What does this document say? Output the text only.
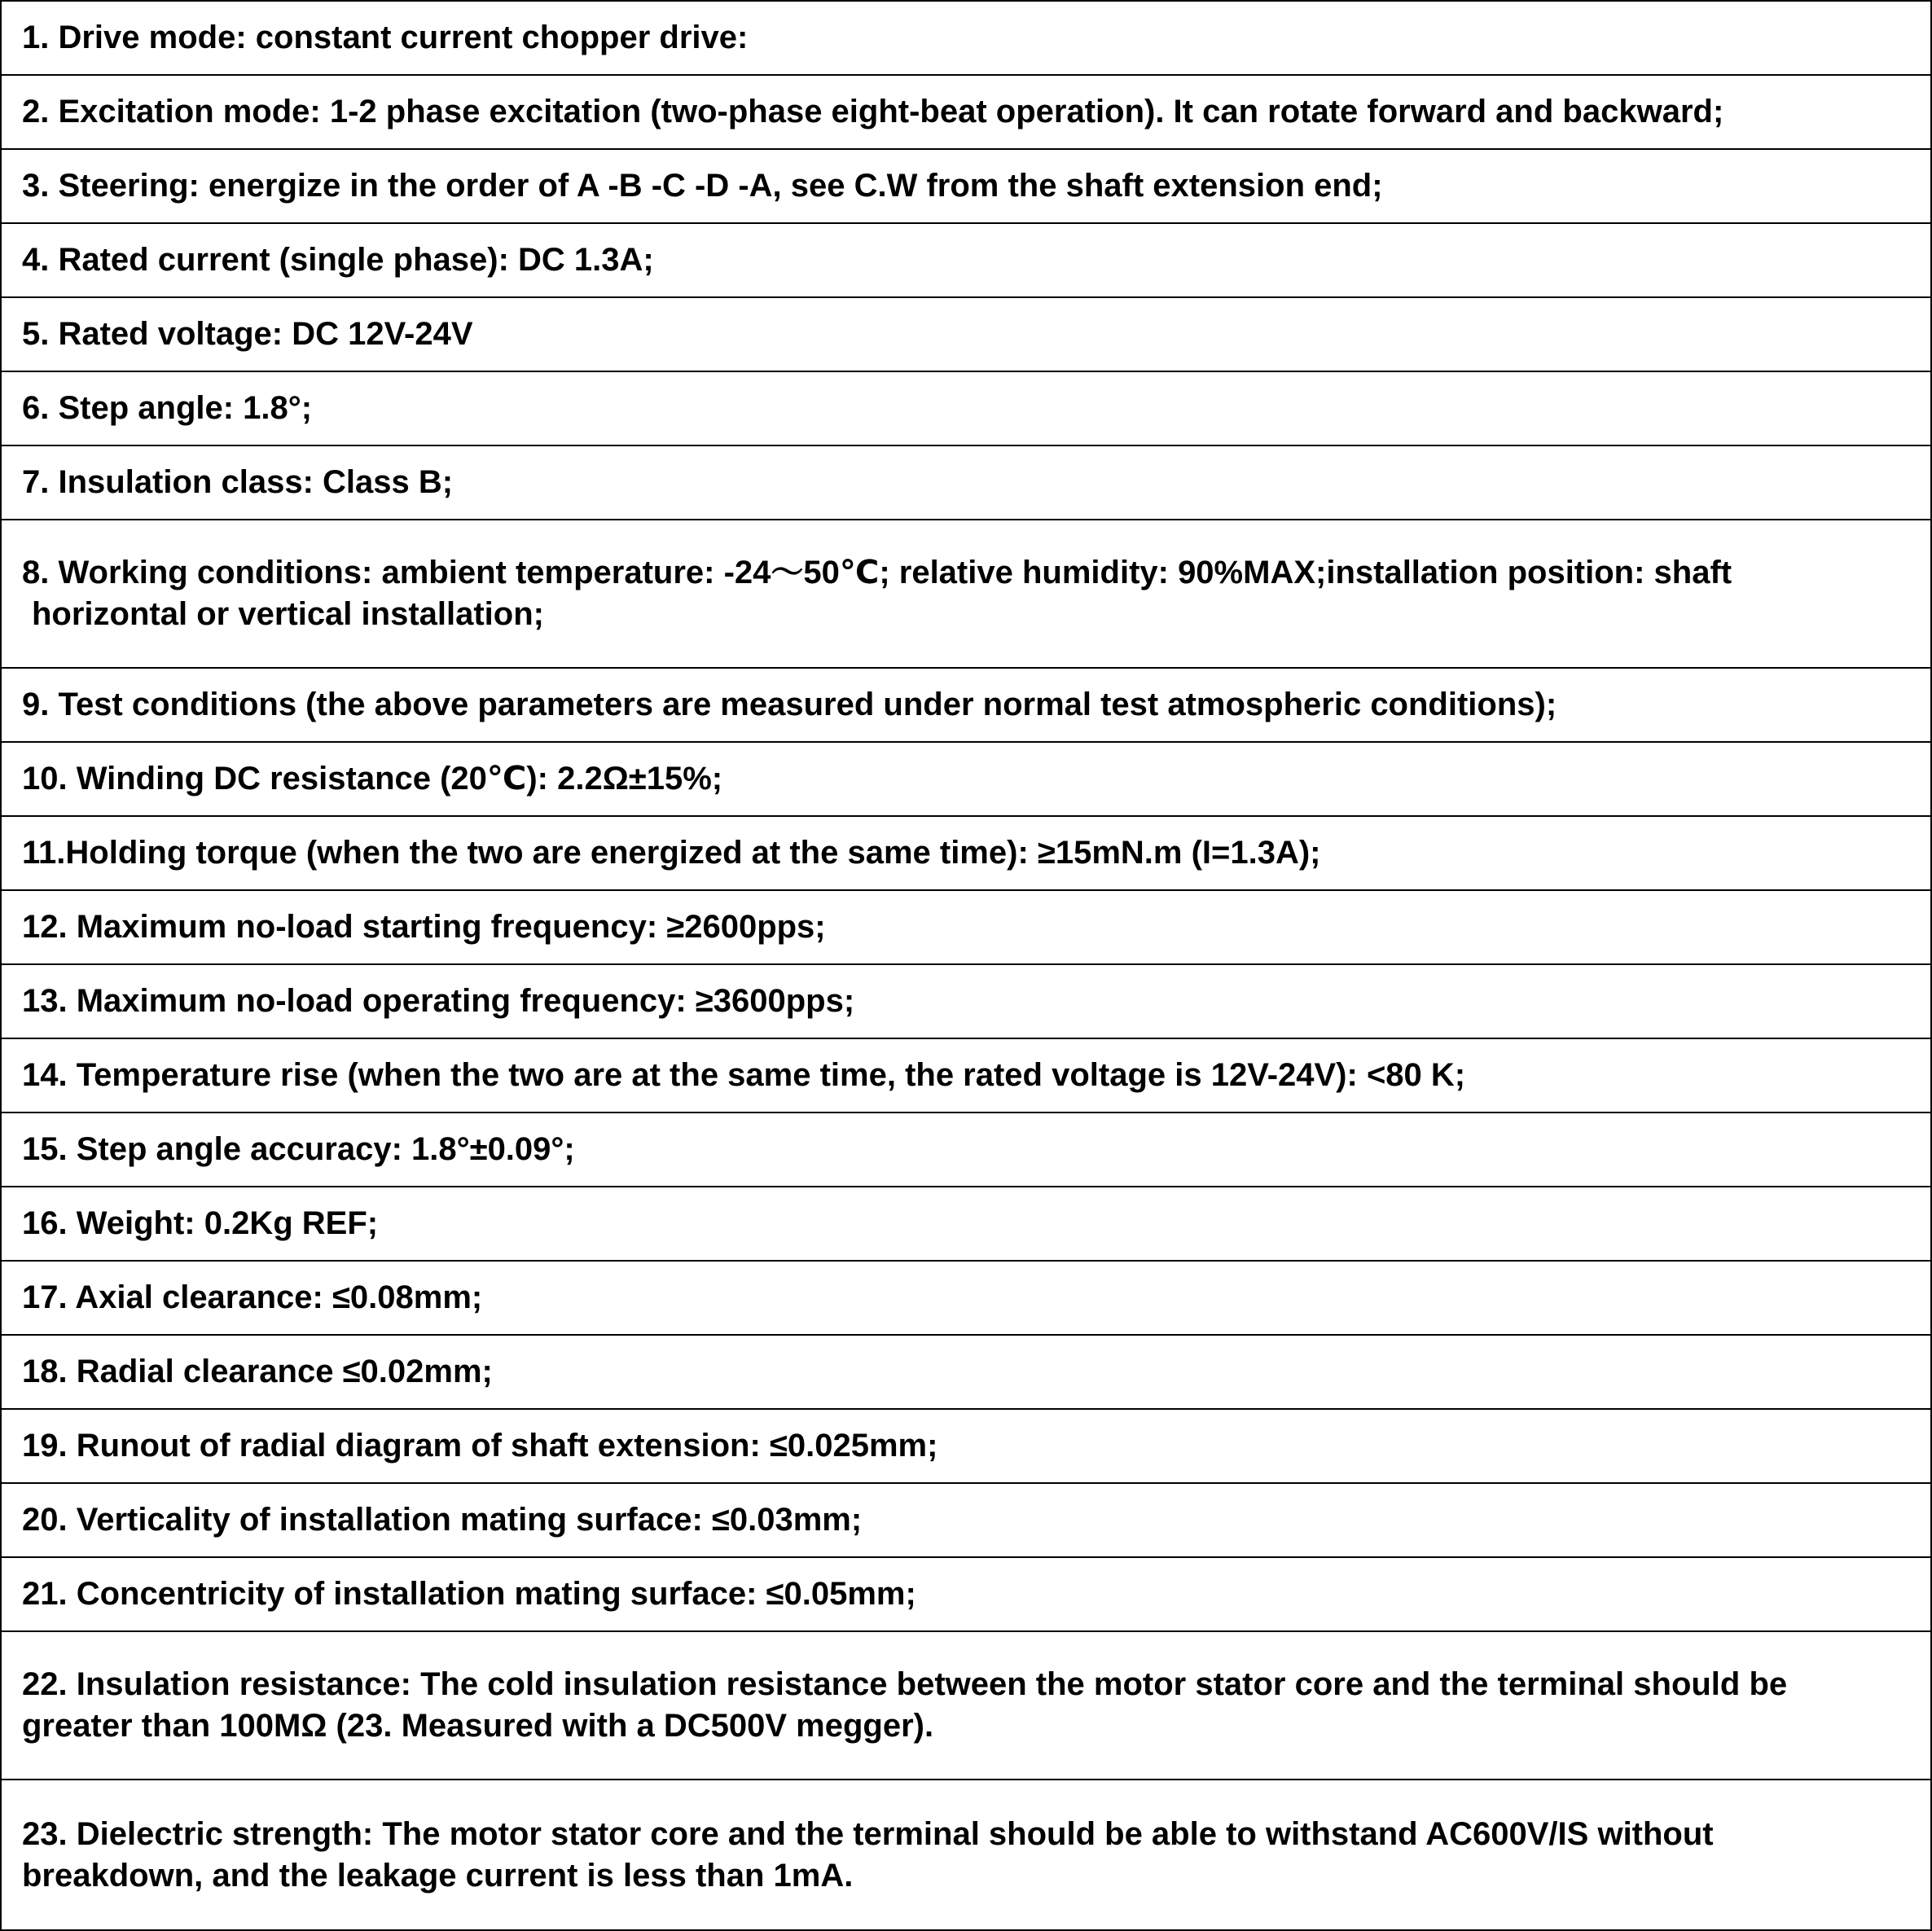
1. Drive mode: constant current chopper drive:
2. Excitation mode: 1-2 phase excitation (two-phase eight-beat operation). It can rotate forward and backward;
3. Steering: energize in the order of A -B -C -D -A, see C.W from the shaft extension end;
4. Rated current (single phase): DC 1.3A;
5. Rated voltage: DC 12V-24V
6. Step angle: 1.8°;
7. Insulation class: Class B;

8. Working conditions: ambient temperature: -24～50℃; relative humidity: 90%MAX;installation position: shaft
horizontal or vertical installation;

9. Test conditions (the above parameters are measured under normal test atmospheric conditions);
10. Winding DC resistance (20℃): 2.2Ω±15%;
11.Holding torque (when the two are energized at the same time): ≥15mN.m (I=1.3A);
12. Maximum no-load starting frequency: ≥2600pps;
13. Maximum no-load operating frequency: ≥3600pps;
14. Temperature rise (when the two are at the same time, the rated voltage is 12V-24V): <80 K;
15. Step angle accuracy: 1.8°±0.09°;
16. Weight: 0.2Kg REF;
17. Axial clearance: ≤0.08mm;
18. Radial clearance ≤0.02mm;
19. Runout of radial diagram of shaft extension: ≤0.025mm;
20. Verticality of installation mating surface: ≤0.03mm;
21. Concentricity of installation mating surface: ≤0.05mm;

22. Insulation resistance: The cold insulation resistance between the motor stator core and the terminal should be
greater than 100MΩ (23. Measured with a DC500V megger).

23. Dielectric strength: The motor stator core and the terminal should be able to withstand AC600V/IS without
breakdown, and the leakage current is less than 1mA.
